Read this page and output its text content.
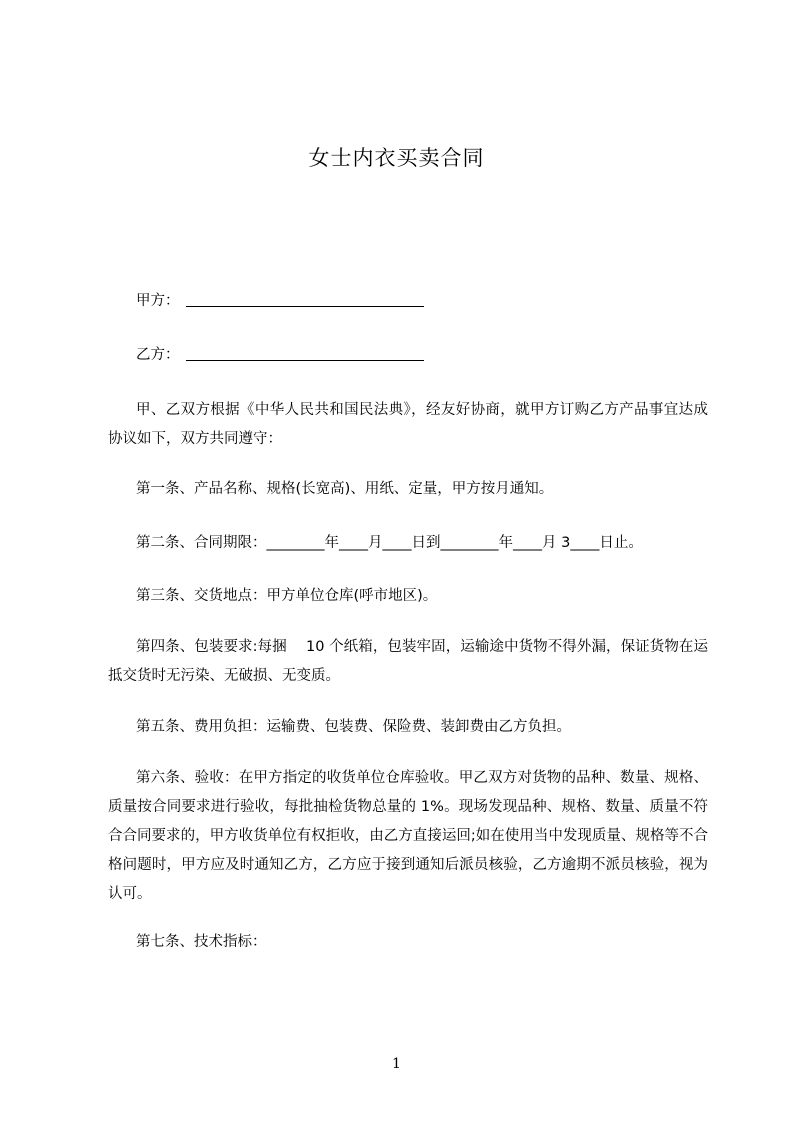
女士内衣买卖合同
甲方：
乙方：

甲、乙双方根据《中华人民共和国民法典》，经友好协商，就甲方订购乙方产品事宜达成协议如下，双方共同遵守：

第一条、产品名称、规格(长宽高)、用纸、定量，甲方按月通知。
第二条、合同期限：________年____月____日到________年____月 3____日止。
第三条、交货地点：甲方单位仓库(呼市地区)。

第四条、包装要求:每捆　 10 个纸箱，包装牢固，运输途中货物不得外漏，保证货物在运抵交货时无污染、无破损、无变质。

第五条、费用负担：运输费、包装费、保险费、装卸费由乙方负担。

第六条、验收：在甲方指定的收货单位仓库验收。甲乙双方对货物的品种、数量、规格、质量按合同要求进行验收，每批抽检货物总量的 1%。现场发现品种、规格、数量、质量不符合合同要求的，甲方收货单位有权拒收，由乙方直接运回;如在使用当中发现质量、规格等不合格问题时，甲方应及时通知乙方，乙方应于接到通知后派员核验，乙方逾期不派员核验，视为认可。

第七条、技术指标：
1
